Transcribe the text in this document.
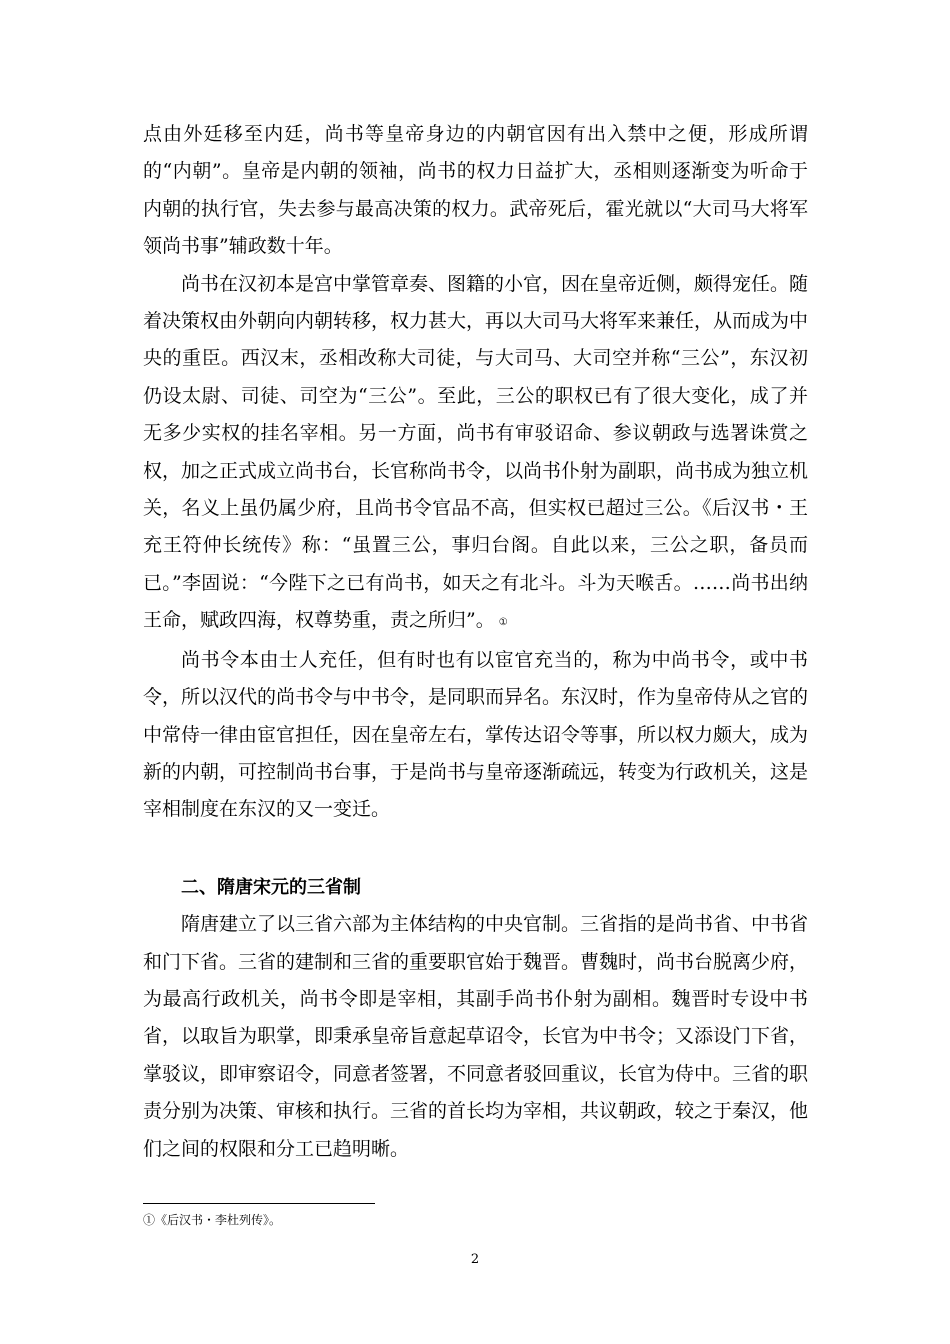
点由外廷移至内廷，尚书等皇帝身边的内朝官因有出入禁中之便，形成所谓的“内朝”。皇帝是内朝的领袖，尚书的权力日益扩大，丞相则逐渐变为听命于内朝的执行官，失去参与最高决策的权力。武帝死后，霍光就以“大司马大将军领尚书事”辅政数十年。

尚书在汉初本是宫中掌管章奏、图籍的小官，因在皇帝近侧，颇得宠任。随着决策权由外朝向内朝转移，权力甚大，再以大司马大将军来兼任，从而成为中央的重臣。西汉末，丞相改称大司徒，与大司马、大司空并称“三公”，东汉初仍设太尉、司徒、司空为“三公”。至此，三公的职权已有了很大变化，成了并无多少实权的挂名宰相。另一方面，尚书有审驳诏命、参议朝政与选署诛赏之权，加之正式成立尚书台，长官称尚书令，以尚书仆射为副职，尚书成为独立机关，名义上虽仍属少府，且尚书令官品不高，但实权已超过三公。《后汉书・王充王符仲长统传》称：“虽置三公，事归台阁。自此以来，三公之职，备员而已。”李固说：“今陛下之已有尚书，如天之有北斗。斗为天喉舌。……尚书出纳王命，赋政四海，权尊势重，责之所归”。 ①

尚书令本由士人充任，但有时也有以宦官充当的，称为中尚书令，或中书令，所以汉代的尚书令与中书令，是同职而异名。东汉时，作为皇帝侍从之官的中常侍一律由宦官担任，因在皇帝左右，掌传达诏令等事，所以权力颇大，成为新的内朝，可控制尚书台事，于是尚书与皇帝逐渐疏远，转变为行政机关，这是宰相制度在东汉的又一变迁。

二、隋唐宋元的三省制

隋唐建立了以三省六部为主体结构的中央官制。三省指的是尚书省、中书省和门下省。三省的建制和三省的重要职官始于魏晋。曹魏时，尚书台脱离少府，为最高行政机关，尚书令即是宰相，其副手尚书仆射为副相。魏晋时专设中书省，以取旨为职掌，即秉承皇帝旨意起草诏令，长官为中书令；又添设门下省，掌驳议，即审察诏令，同意者签署，不同意者驳回重议，长官为侍中。三省的职责分别为决策、审核和执行。三省的首长均为宰相，共议朝政，较之于秦汉，他们之间的权限和分工已趋明晰。

①《后汉书・李杜列传》。
2
